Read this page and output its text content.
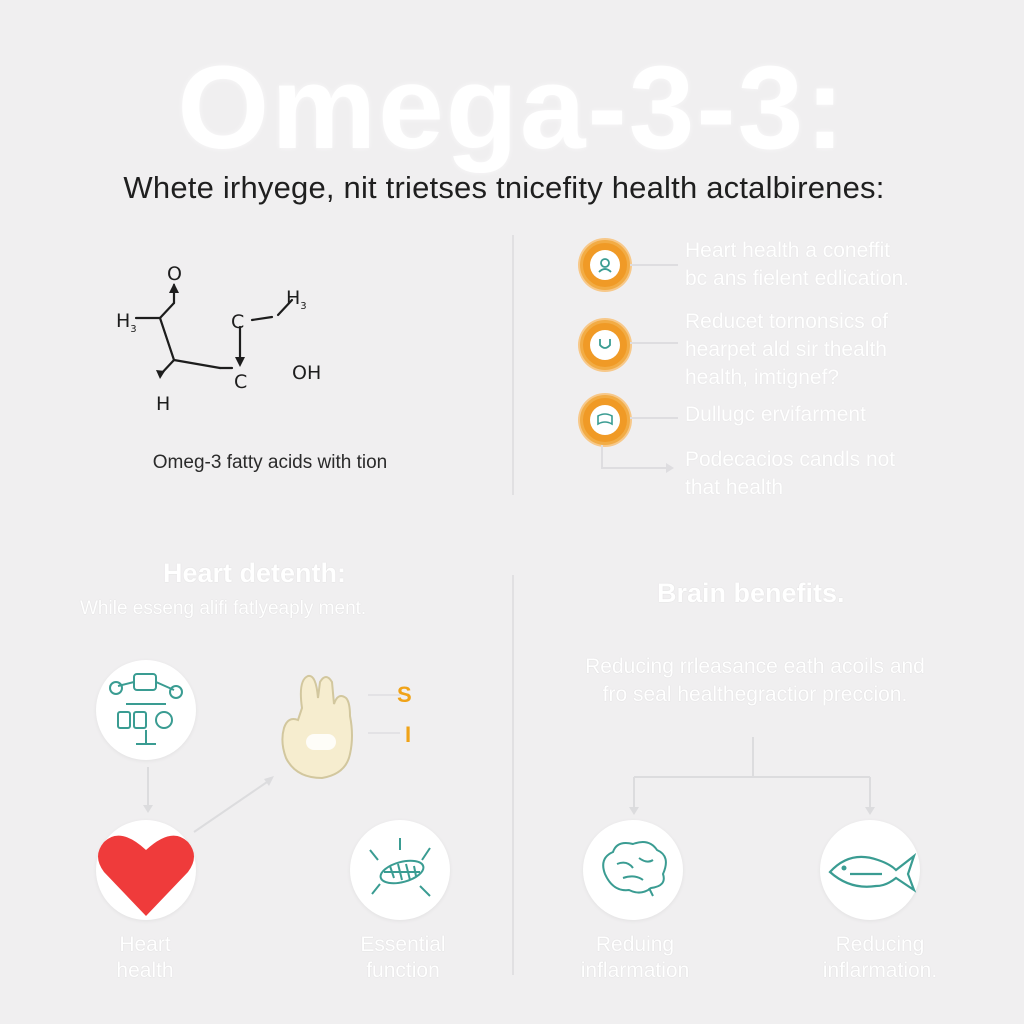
Omega-3-3:
Whete irhyege, nit trietses tnicefity health actalbirenes:
O
$H_3$
$H_3$
C
C OH
H
Omeg-3 fatty acids with tion
Heart health a coneffit
bc ans fielent edlication.
Reducet tornonsics of
hearpet ald sir thealth
health, imtignef?
Dullugc ervifarment
Podecacios candls not
that health
Heart detenth:
While esseng alifi fatlyeaply ment.
S
I
Heart
health
Essential
function
Brain benefits.
Reducing rrleasance eath acoils and
fro seal healthegractior preccion.
Reduing
inflarmation
Reducing
inflarmation.
